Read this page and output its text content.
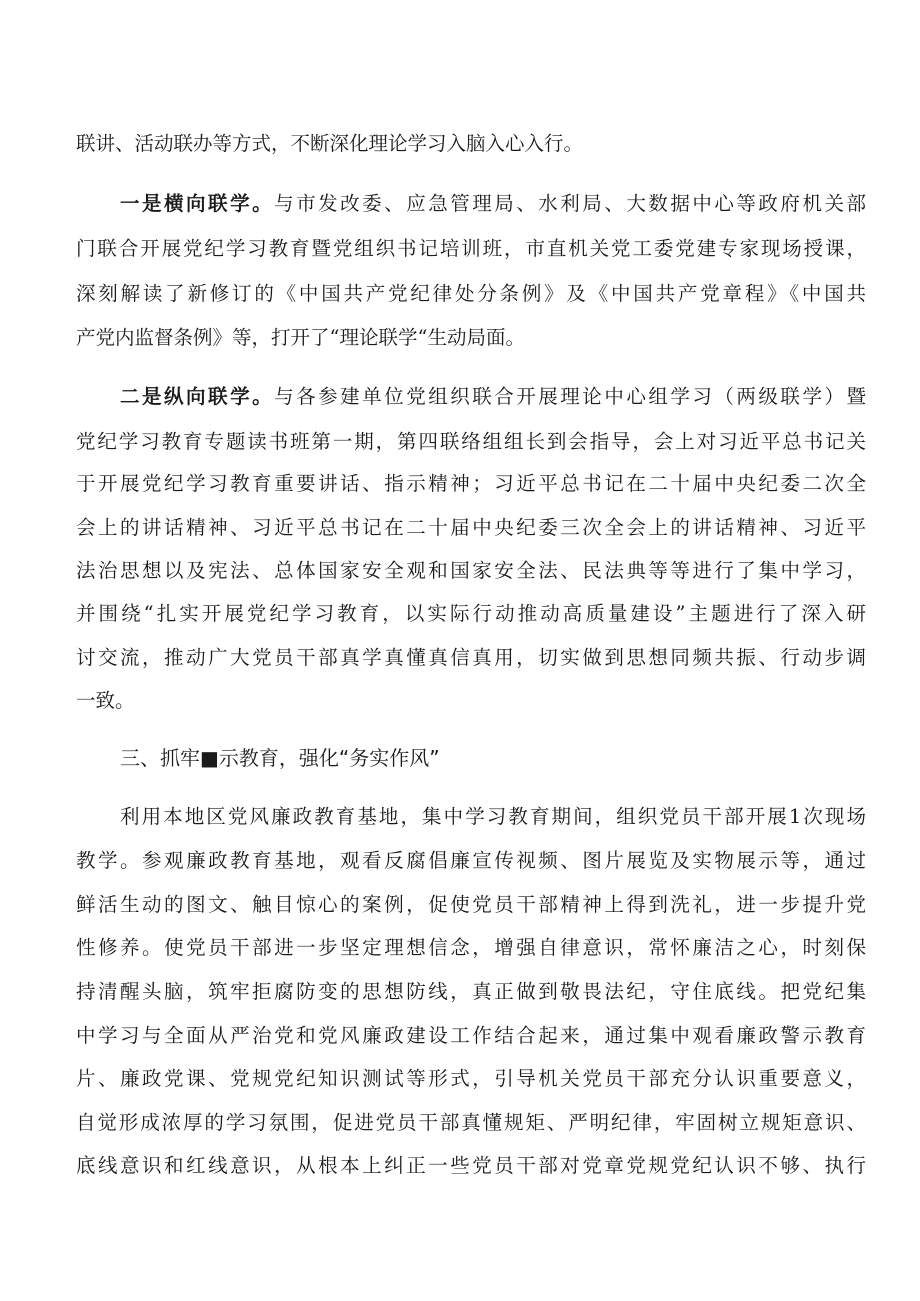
联讲、活动联办等方式，不断深化理论学习入脑入心入行。
一是横向联学。与市发改委、应急管理局、水利局、大数据中心等政府机关部
门联合开展党纪学习教育暨党组织书记培训班，市直机关党工委党建专家现场授课，
深刻解读了新修订的《中国共产党纪律处分条例》及《中国共产党章程》《中国共
产党内监督条例》等，打开了“理论联学“生动局面。
二是纵向联学。与各参建单位党组织联合开展理论中心组学习（两级联学）暨
党纪学习教育专题读书班第一期，第四联络组组长到会指导，会上对习近平总书记关
于开展党纪学习教育重要讲话、指示精神；习近平总书记在二十届中央纪委二次全
会上的讲话精神、习近平总书记在二十届中央纪委三次全会上的讲话精神、习近平
法治思想以及宪法、总体国家安全观和国家安全法、民法典等等进行了集中学习，
并围绕“扎实开展党纪学习教育，以实际行动推动高质量建设”主题进行了深入研
讨交流，推动广大党员干部真学真懂真信真用，切实做到思想同频共振、行动步调
一致。
三、抓牢■示教育，强化“务实作风”
利用本地区党风廉政教育基地，集中学习教育期间，组织党员干部开展1次现场
教学。参观廉政教育基地，观看反腐倡廉宣传视频、图片展览及实物展示等，通过
鲜活生动的图文、触目惊心的案例，促使党员干部精神上得到洗礼，进一步提升党
性修养。使党员干部进一步坚定理想信念，增强自律意识，常怀廉洁之心，时刻保
持清醒头脑，筑牢拒腐防变的思想防线，真正做到敬畏法纪，守住底线。把党纪集
中学习与全面从严治党和党风廉政建设工作结合起来，通过集中观看廉政警示教育
片、廉政党课、党规党纪知识测试等形式，引导机关党员干部充分认识重要意义，
自觉形成浓厚的学习氛围，促进党员干部真懂规矩、严明纪律，牢固树立规矩意识、
底线意识和红线意识，从根本上纠正一些党员干部对党章党规党纪认识不够、执行
